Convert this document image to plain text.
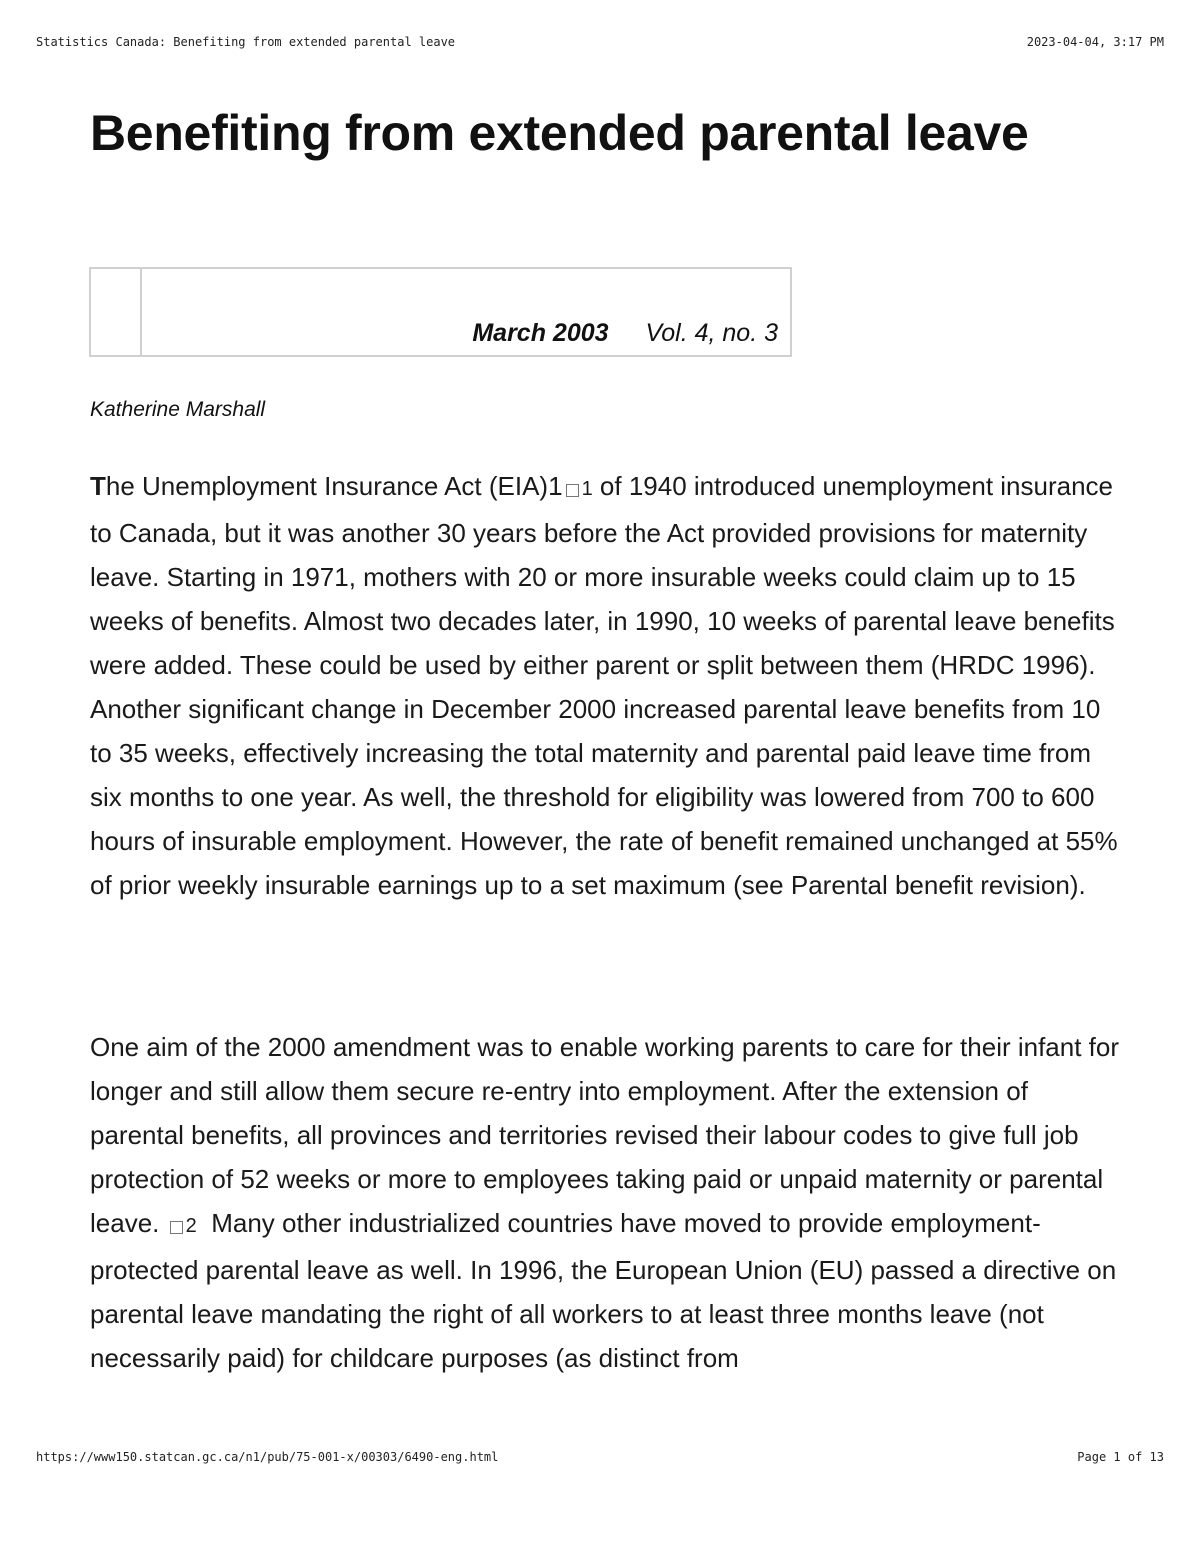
Statistics Canada: Benefiting from extended parental leave	2023-04-04, 3:17 PM
Benefiting from extended parental leave
March 2003 Vol. 4, no. 3
Katherine Marshall

The Unemployment Insurance Act (EIA)1 1 of 1940 introduced unemployment insurance to Canada, but it was another 30 years before the Act provided provisions for maternity leave. Starting in 1971, mothers with 20 or more insurable weeks could claim up to 15 weeks of benefits. Almost two decades later, in 1990, 10 weeks of parental leave benefits were added. These could be used by either parent or split between them (HRDC 1996). Another significant change in December 2000 increased parental leave benefits from 10 to 35 weeks, effectively increasing the total maternity and parental paid leave time from six months to one year. As well, the threshold for eligibility was lowered from 700 to 600 hours of insurable employment. However, the rate of benefit remained unchanged at 55% of prior weekly insurable earnings up to a set maximum (see Parental benefit revision).

One aim of the 2000 amendment was to enable working parents to care for their infant for longer and still allow them secure re-entry into employment. After the extension of parental benefits, all provinces and territories revised their labour codes to give full job protection of 52 weeks or more to employees taking paid or unpaid maternity or parental leave. 2 Many other industrialized countries have moved to provide employment-protected parental leave as well. In 1996, the European Union (EU) passed a directive on parental leave mandating the right of all workers to at least three months leave (not necessarily paid) for childcare purposes (as distinct from

https://www150.statcan.gc.ca/n1/pub/75-001-x/00303/6490-eng.html	Page 1 of 13
